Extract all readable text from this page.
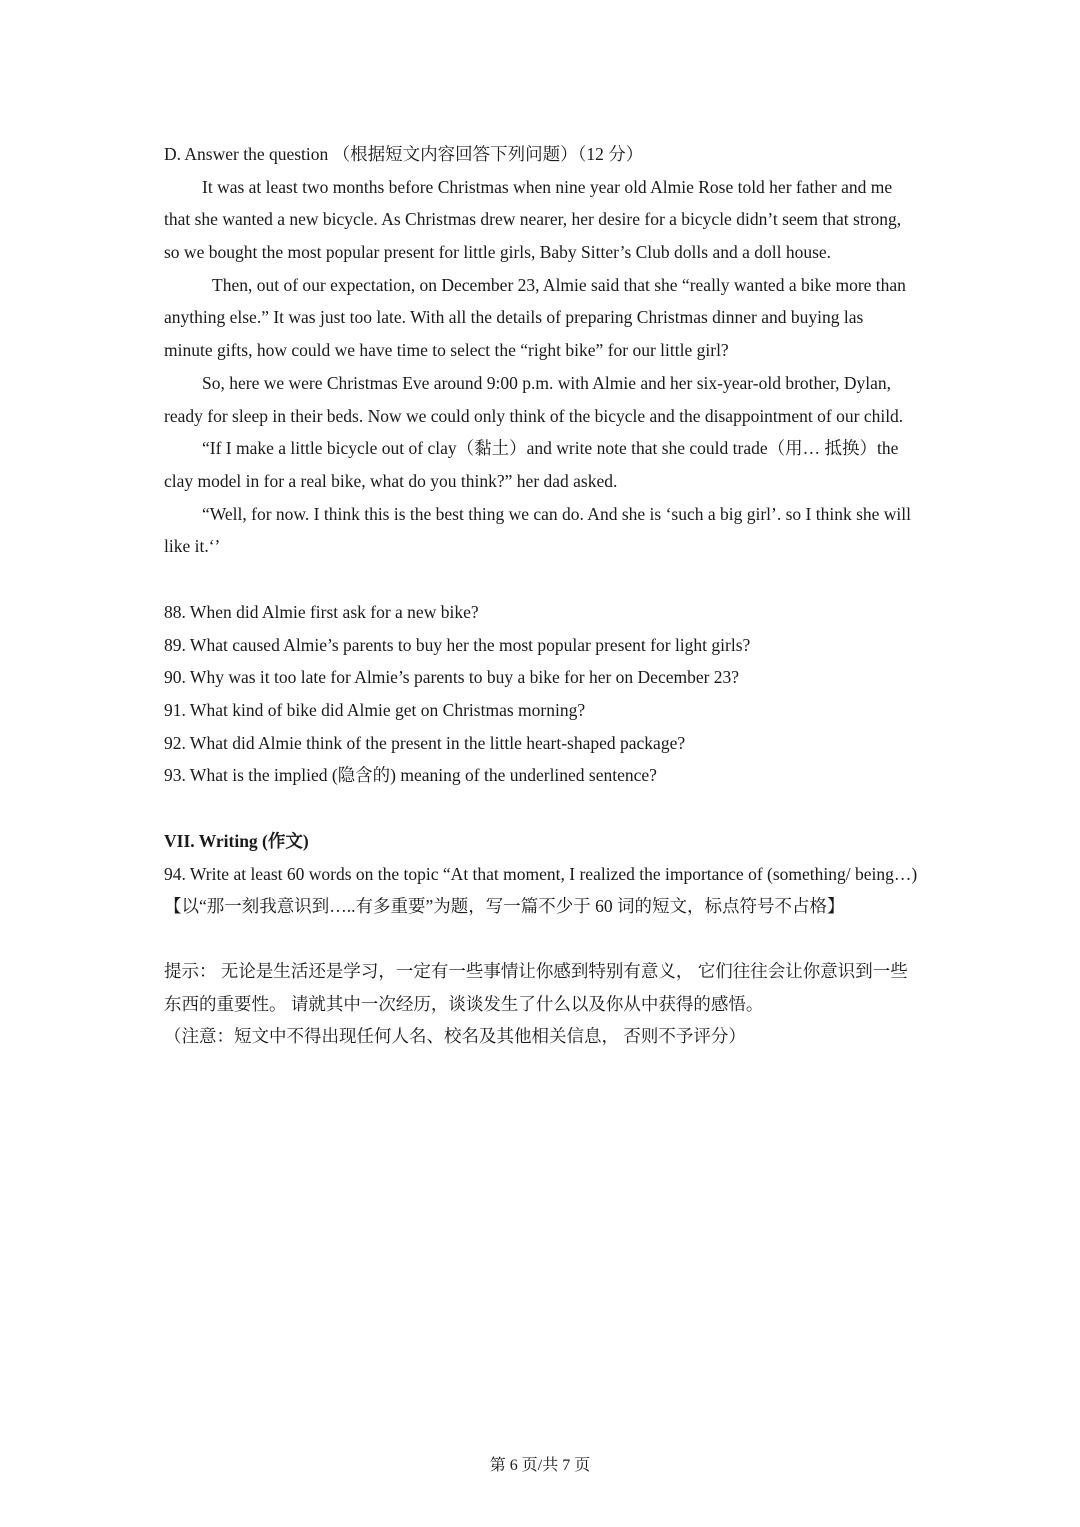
D. Answer the question （根据短文内容回答下列问题）（12 分）
It was at least two months before Christmas when nine year old Almie Rose told her father and me
that she wanted a new bicycle. As Christmas drew nearer, her desire for a bicycle didn’t seem that strong,
so we bought the most popular present for little girls, Baby Sitter’s Club dolls and a doll house.
Then, out of our expectation, on December 23, Almie said that she “really wanted a bike more than
anything else.” It was just too late. With all the details of preparing Christmas dinner and buying las
minute gifts, how could we have time to select the “right bike” for our little girl?
So, here we were Christmas Eve around 9:00 p.m. with Almie and her six-year-old brother, Dylan,
ready for sleep in their beds. Now we could only think of the bicycle and the disappointment of our child.
“If I make a little bicycle out of clay（黏土）and write note that she could trade（用… 抵换）the
clay model in for a real bike, what do you think?” her dad asked.
“Well, for now. I think this is the best thing we can do. And she is ‘such a big girl’. so I think she will
like it.‘’
88. When did Almie first ask for a new bike?
89. What caused Almie’s parents to buy her the most popular present for light girls?
90. Why was it too late for Almie’s parents to buy a bike for her on December 23?
91. What kind of bike did Almie get on Christmas morning?
92. What did Almie think of the present in the little heart-shaped package?
93. What is the implied (隐含的) meaning of the underlined sentence?
VII. Writing (作文)
94. Write at least 60 words on the topic “At that moment, I realized the importance of (something/ being…)
【以“那一刻我意识到…..有多重要”为题，写一篇不少于 60 词的短文，标点符号不占格】
提示： 无论是生活还是学习，一定有一些事情让你感到特别有意义， 它们往往会让你意识到一些
东西的重要性。 请就其中一次经历，谈谈发生了什么以及你从中获得的感悟。
（注意：短文中不得出现任何人名、校名及其他相关信息， 否则不予评分）
第 6 页/共 7 页
